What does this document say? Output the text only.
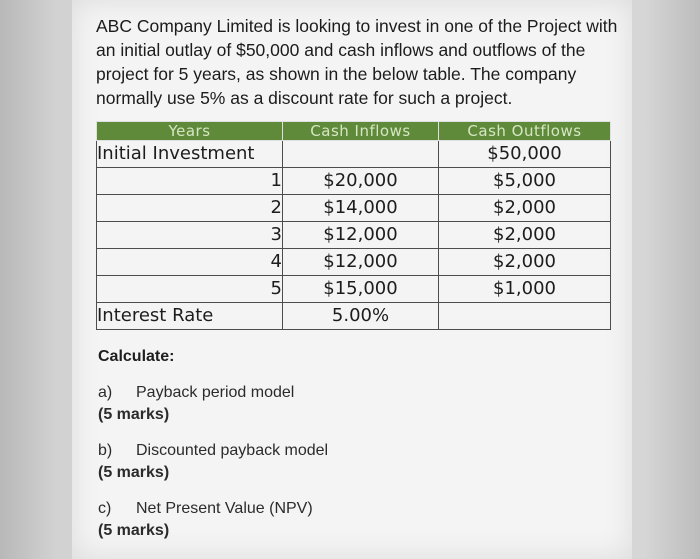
ABC Company Limited is looking to invest in one of the Project with
an initial outlay of $50,000 and cash inflows and outflows of the
project for 5 years, as shown in the below table. The company
normally use 5% as a discount rate for such a project.
Years	Cash Inflows	Cash Outflows
Initial Investment		$50,000
1	$20,000	$5,000
2	$14,000	$2,000
3	$12,000	$2,000
4	$12,000	$2,000
5	$15,000	$1,000
Interest Rate	5.00%	
Calculate:
a) Payback period model
(5 marks)
b) Discounted payback model
(5 marks)
c) Net Present Value (NPV)
(5 marks)
